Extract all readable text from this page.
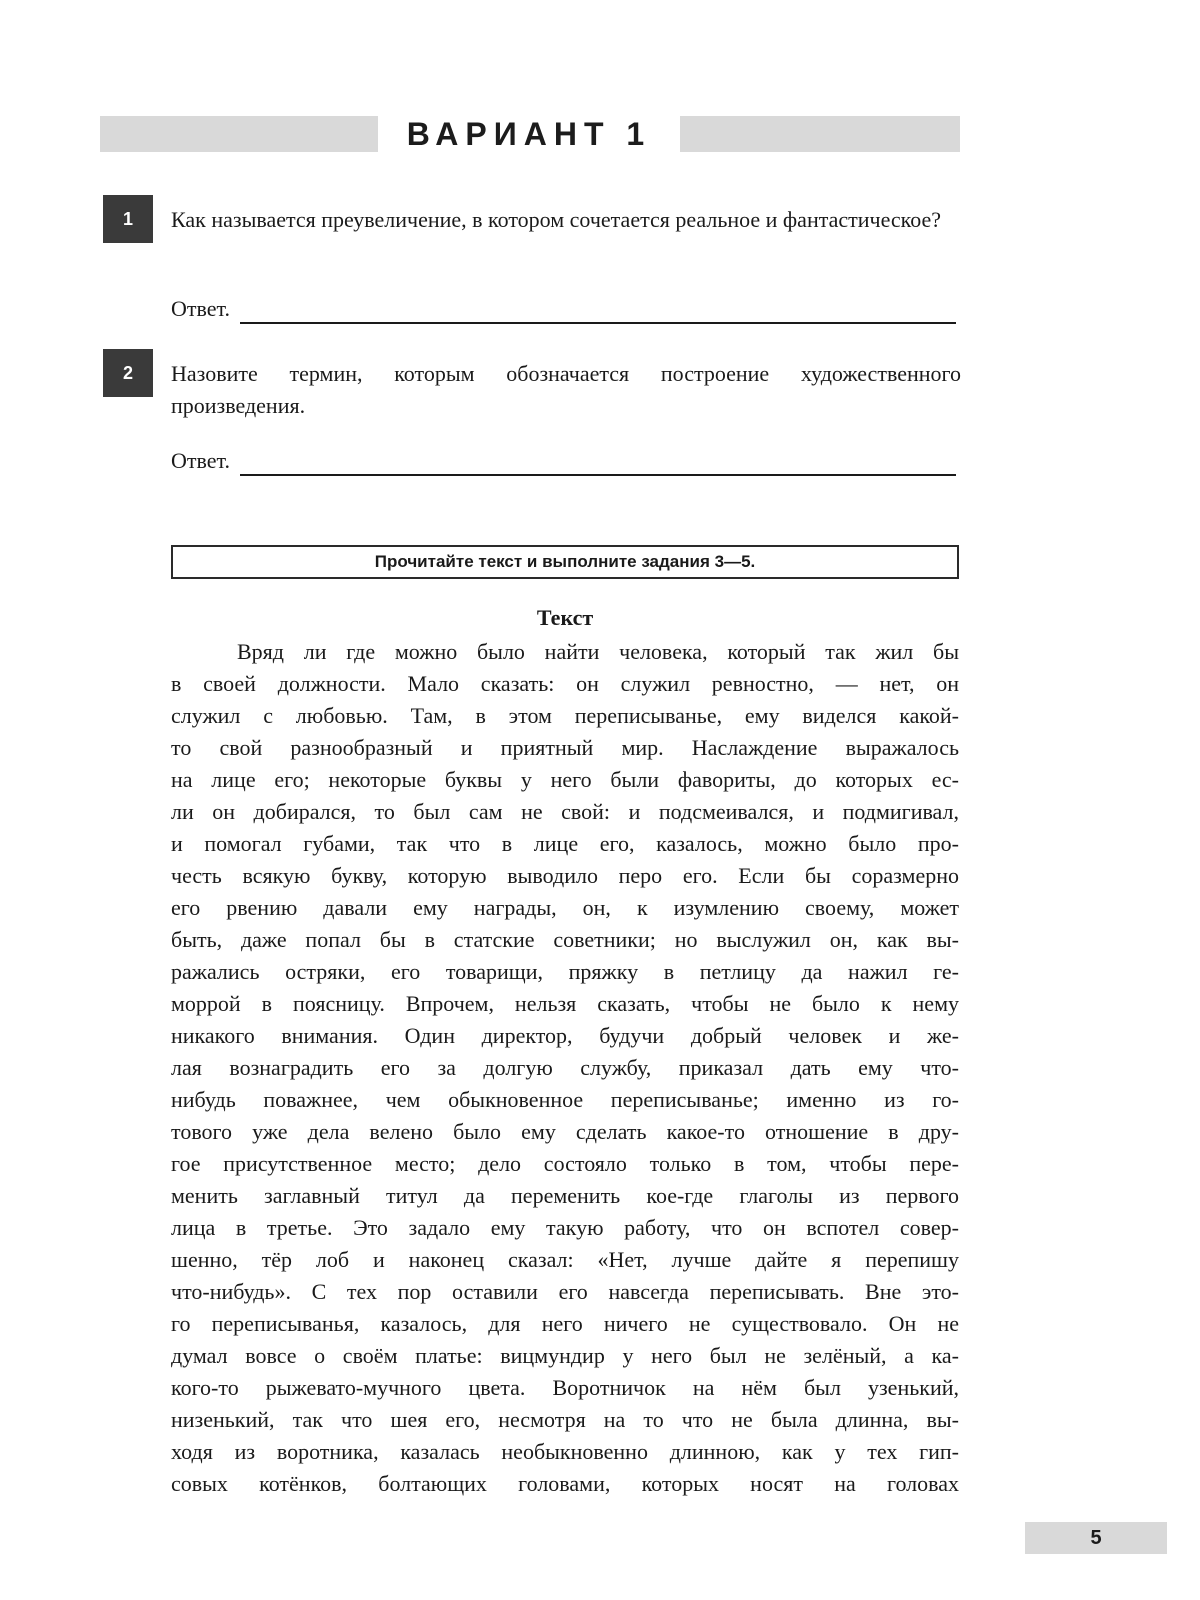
ВАРИАНТ 1
1	Как называется преувеличение, в котором сочетается реальное и фантастическое?
Ответ.
2	Назовите термин, которым обозначается построение художественного произведения.
Ответ.
Прочитайте текст и выполните задания 3—5.
Текст
Вряд ли где можно было найти человека, который так жил бы
в своей должности. Мало сказать: он служил ревностно, — нет, он
служил с любовью. Там, в этом переписыванье, ему виделся какой-
то свой разнообразный и приятный мир. Наслаждение выражалось
на лице его; некоторые буквы у него были фавориты, до которых ес-
ли он добирался, то был сам не свой: и подсмеивался, и подмигивал,
и помогал губами, так что в лице его, казалось, можно было про-
честь всякую букву, которую выводило перо его. Если бы соразмерно
его рвению давали ему награды, он, к изумлению своему, может
быть, даже попал бы в статские советники; но выслужил он, как вы-
ражались остряки, его товарищи, пряжку в петлицу да нажил ге-
моррой в поясницу. Впрочем, нельзя сказать, чтобы не было к нему
никакого внимания. Один директор, будучи добрый человек и же-
лая вознаградить его за долгую службу, приказал дать ему что-
нибудь поважнее, чем обыкновенное переписыванье; именно из го-
тового уже дела велено было ему сделать какое-то отношение в дру-
гое присутственное место; дело состояло только в том, чтобы пере-
менить заглавный титул да переменить кое-где глаголы из первого
лица в третье. Это задало ему такую работу, что он вспотел совер-
шенно, тёр лоб и наконец сказал: «Нет, лучше дайте я перепишу
что-нибудь». С тех пор оставили его навсегда переписывать. Вне это-
го переписыванья, казалось, для него ничего не существовало. Он не
думал вовсе о своём платье: вицмундир у него был не зелёный, а ка-
кого-то рыжевато-мучного цвета. Воротничок на нём был узенький,
низенький, так что шея его, несмотря на то что не была длинна, вы-
ходя из воротника, казалась необыкновенно длинною, как у тех гип-
совых котёнков, болтающих головами, которых носят на головах
5
